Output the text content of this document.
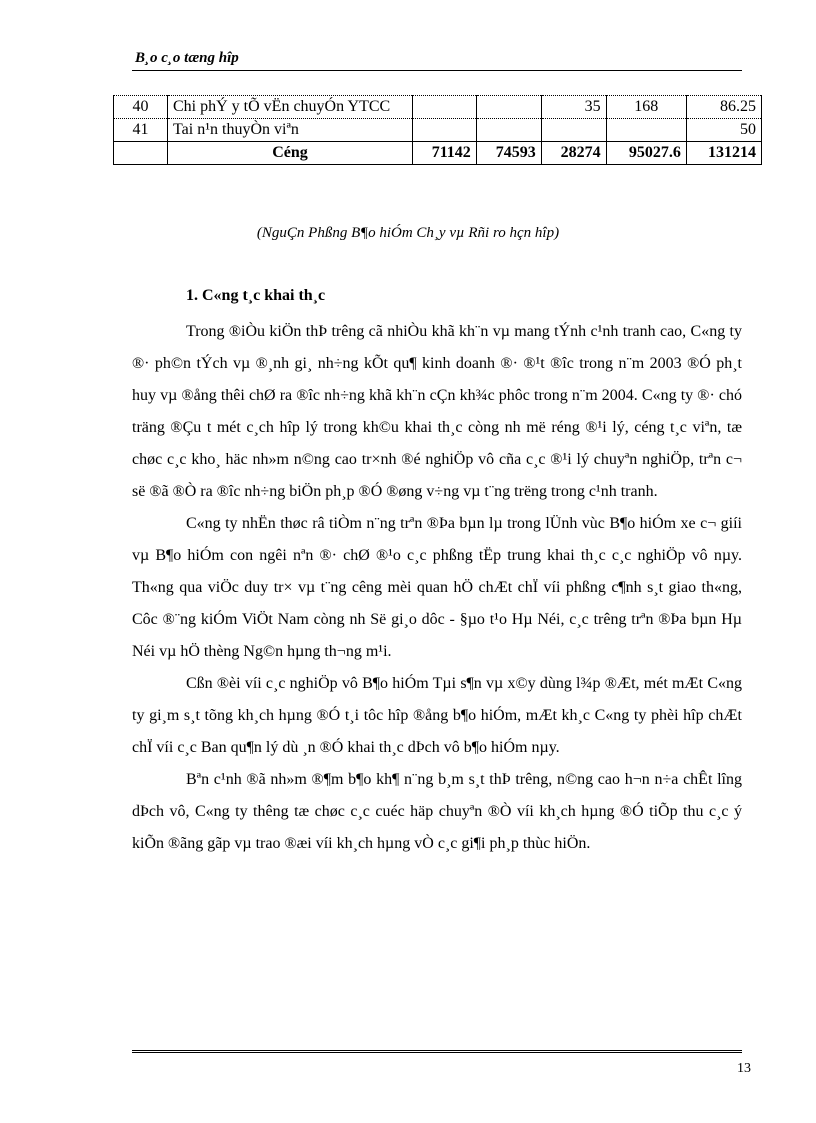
B¸o c¸o tæng hîp
40	Chi phÝ y tÕ vËn chuyÓn YTCC			35	168	86.25
41	Tai n¹n thuyÒn viªn					50
	Céng	71142	74593	28274	95027.6	131214
(NguÇn Phßng B¶o hiÓm Ch¸y vµ Rñi ro hçn hîp)
1. C«ng t¸c khai th¸c

Trong ®iÒu kiÖn thÞ trêng cã nhiÒu khã kh¨n vµ mang tÝnh c¹nh tranh cao, C«ng ty ®· ph©n tÝch vµ ®¸nh gi¸ nh÷ng kÕt qu¶ kinh doanh ®· ®¹t ®îc trong n¨m 2003 ®Ó ph¸t huy vµ ®ång thêi chØ ra ®îc nh÷ng khã kh¨n cÇn kh¾c phôc trong n¨m 2004. C«ng ty ®· chó träng ®Çu t mét c¸ch hîp lý trong kh©u khai th¸c còng nh më réng ®¹i lý, céng t¸c viªn, tæ chøc c¸c kho¸ häc nh»m n©ng cao tr×nh ®é nghiÖp vô cña c¸c ®¹i lý chuyªn nghiÖp, trªn c¬ së ®ã ®Ò ra ®îc nh÷ng biÖn ph¸p ®Ó ®øng v÷ng vµ t¨ng trëng trong c¹nh tranh.

C«ng ty nhËn thøc râ tiÒm n¨ng trªn ®Þa bµn lµ trong lÜnh vùc B¶o hiÓm xe c¬ giíi vµ B¶o hiÓm con ngêi nªn ®· chØ ®¹o c¸c phßng tËp trung khai th¸c c¸c nghiÖp vô nµy. Th«ng qua viÖc duy tr× vµ t¨ng cêng mèi quan hÖ chÆt chÏ víi phßng c¶nh s¸t giao th«ng, Côc ®¨ng kiÓm ViÖt Nam còng nh Së gi¸o dôc - §µo t¹o Hµ Néi, c¸c trêng trªn ®Þa bµn Hµ Néi vµ hÖ thèng Ng©n hµng th¬ng m¹i.

Cßn ®èi víi c¸c nghiÖp vô B¶o hiÓm Tµi s¶n vµ x©y dùng l¾p ®Æt, mét mÆt C«ng ty gi¸m s¸t tõng kh¸ch hµng ®Ó t¸i tôc hîp ®ång b¶o hiÓm, mÆt kh¸c C«ng ty phèi hîp chÆt chÏ víi c¸c Ban qu¶n lý dù ¸n ®Ó khai th¸c dÞch vô b¶o hiÓm nµy.

Bªn c¹nh ®ã nh»m ®¶m b¶o kh¶ n¨ng b¸m s¸t thÞ trêng, n©ng cao h¬n n÷a chÊt lîng dÞch vô, C«ng ty thêng tæ chøc c¸c cuéc häp chuyªn ®Ò víi kh¸ch hµng ®Ó tiÕp thu c¸c ý kiÕn ®ãng gãp vµ trao ®æi víi kh¸ch hµng vÒ c¸c gi¶i ph¸p thùc hiÖn.

13
